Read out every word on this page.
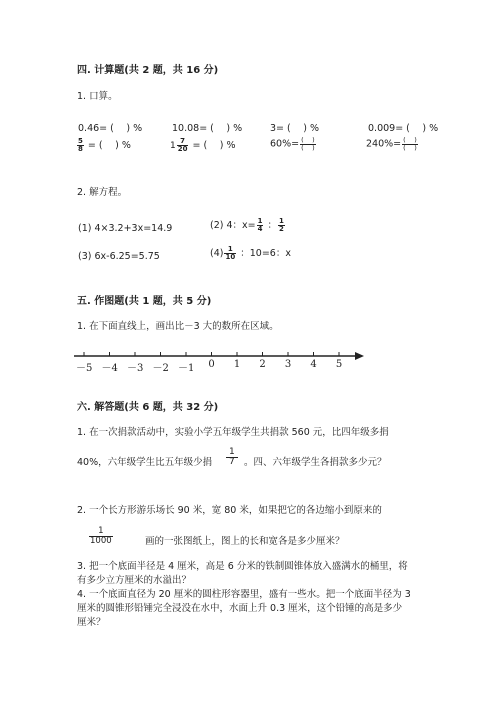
四. 计算题(共 2 题，共 16 分)
1. 口算。
0.46= (　 ) %	10.08= (　 ) %	3= (　 ) %	0.009= (　 ) %
$\frac{5}{8}$ = (　 ) %	$1 \frac{7}{20}$ = (　 ) %	$60\%= \frac{( )}{( )}$	$240\%= \frac{( )}{( )}$
2. 解方程。
(1) 4×3.2+3x=14.9	(2) 4：$x= \frac{1}{4}$ ： $\frac{1}{2}$
(3) 6x-6.25=5.75	$(4) \frac{1}{10}$ ：10=6：x
五. 作图题(共 1 题，共 5 分)
1. 在下面直线上，画出比－3 大的数所在区域。
－5 －4 －3 －2 －1	0	1	2	3	4	5
六. 解答题(共 6 题，共 32 分)
1. 在一次捐款活动中，实验小学五年级学生共捐款 560 元，比四年级多捐
40%，六年级学生比五年级少捐 $\frac{1}{7}$ 。四、六年级学生各捐款多少元？
2. 一个长方形游乐场长 90 米，宽 80 米，如果把它的各边缩小到原来的
$\frac{1}{1000}$	画的一张图纸上，图上的长和宽各是多少厘米？
3. 把一个底面半径是 4 厘米，高是 6 分米的铁制圆锥体放入盛满水的桶里，将
有多少立方厘米的水溢出？
4. 一个底面直径为 20 厘米的圆柱形容器里，盛有一些水。把一个底面半径为 3
厘米的圆锥形铅锤完全浸没在水中，水面上升 0.3 厘米，这个铅锤的高是多少
厘米？
